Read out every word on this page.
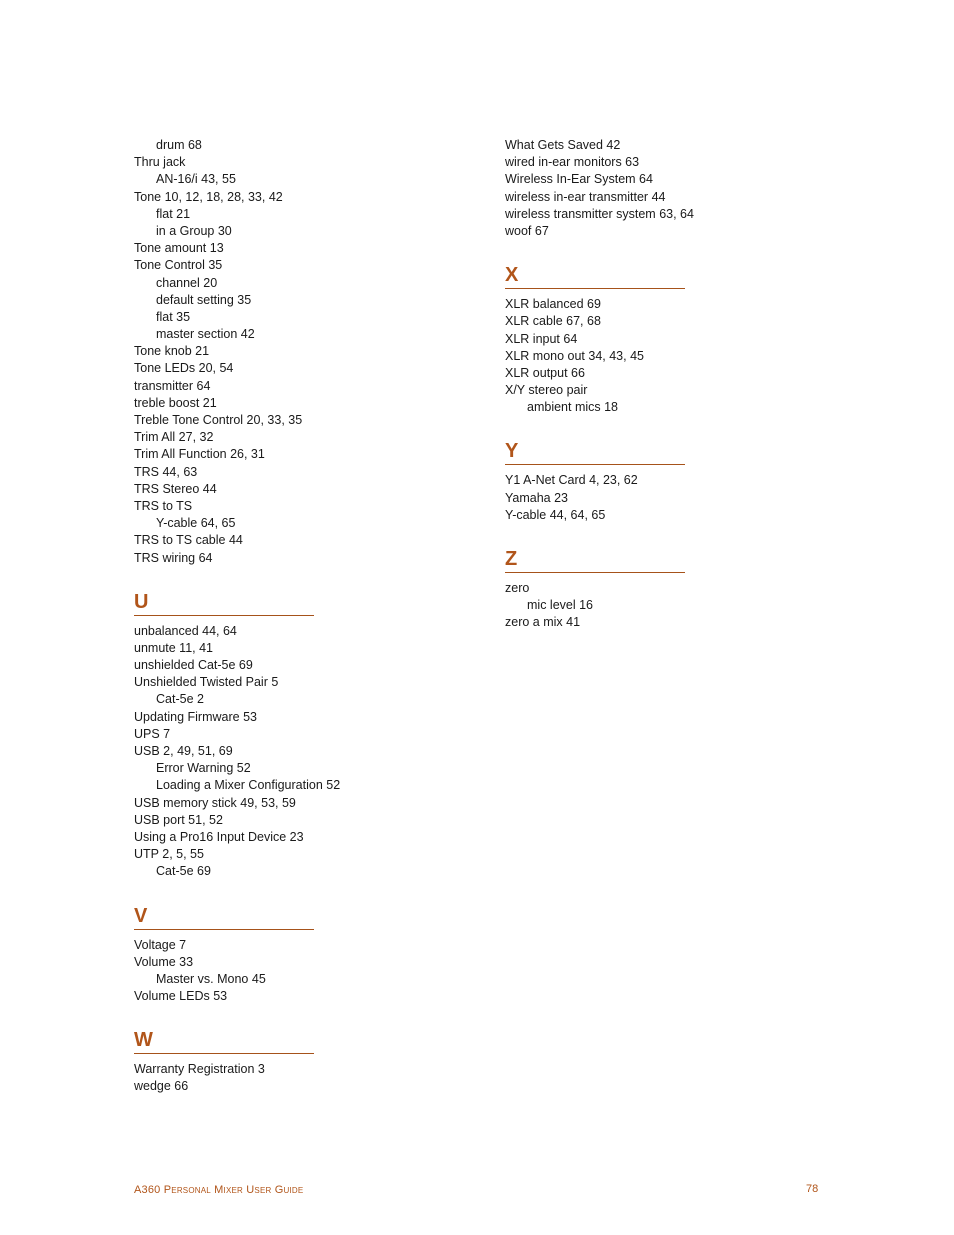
drum 68
Thru jack
AN-16/i 43, 55
Tone 10, 12, 18, 28, 33, 42
flat 21
in a Group 30
Tone amount 13
Tone Control 35
channel 20
default setting 35
flat 35
master section 42
Tone knob 21
Tone LEDs 20, 54
transmitter 64
treble boost 21
Treble Tone Control 20, 33, 35
Trim All 27, 32
Trim All Function 26, 31
TRS 44, 63
TRS Stereo 44
TRS to TS
Y-cable 64, 65
TRS to TS cable 44
TRS wiring 64
U
unbalanced 44, 64
unmute 11, 41
unshielded Cat-5e 69
Unshielded Twisted Pair 5
Cat-5e 2
Updating Firmware 53
UPS 7
USB 2, 49, 51, 69
Error Warning 52
Loading a Mixer Configuration 52
USB memory stick 49, 53, 59
USB port 51, 52
Using a Pro16 Input Device 23
UTP 2, 5, 55
Cat-5e 69
V
Voltage 7
Volume 33
Master vs. Mono 45
Volume LEDs 53
W
Warranty Registration 3
wedge 66
What Gets Saved 42
wired in-ear monitors 63
Wireless In-Ear System 64
wireless in-ear transmitter 44
wireless transmitter system 63, 64
woof 67
X
XLR balanced 69
XLR cable 67, 68
XLR input 64
XLR mono out 34, 43, 45
XLR output 66
X/Y stereo pair
ambient mics 18
Y
Y1 A-Net Card 4, 23, 62
Yamaha 23
Y-cable 44, 64, 65
Z
zero
mic level 16
zero a mix 41
A360 Personal Mixer User Guide	78
